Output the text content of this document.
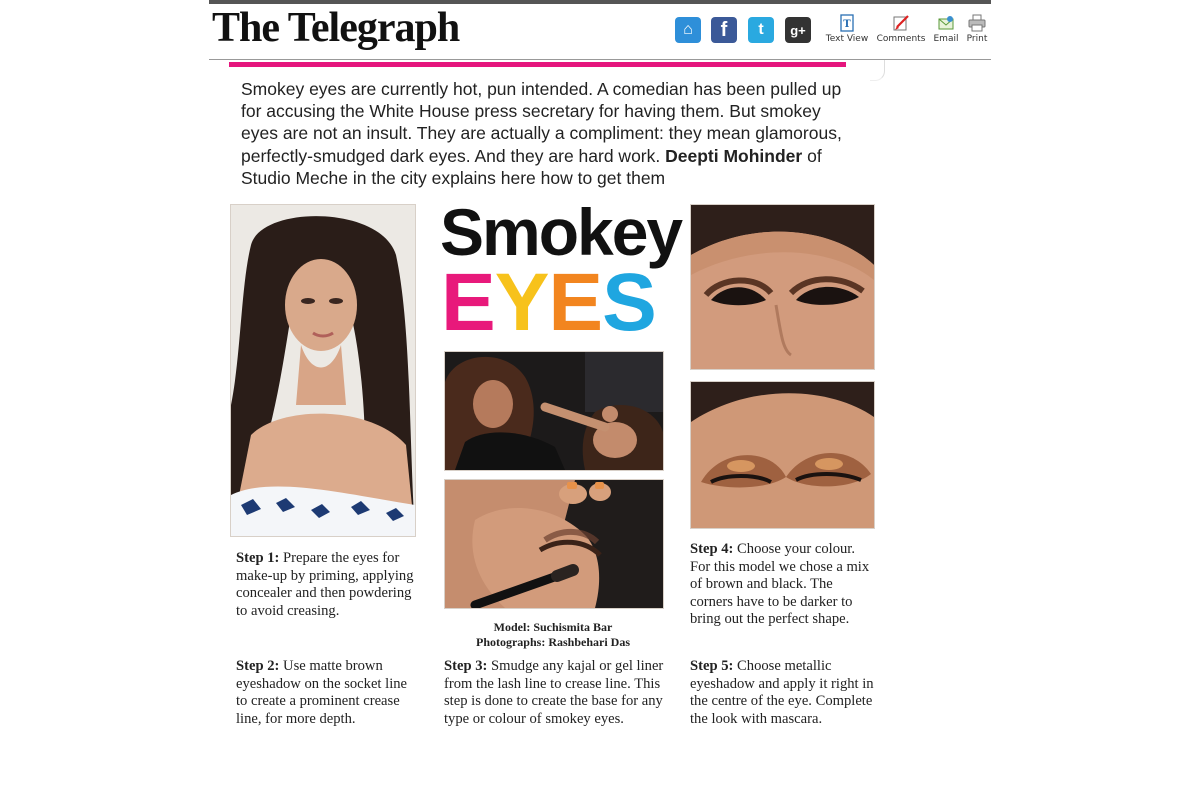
The Telegraph	⌂ f t g+	T
Text View Comments Email Print

Smokey eyes are currently hot, pun intended. A comedian has been pulled up for accusing the White House press secretary for having them. But smokey eyes are not an insult. They are actually a compliment: they mean glamorous, perfectly-smudged dark eyes. And they are hard work. Deepti Mohinder of Studio Meche in the city explains here how to get them

Smokey
EYES
Model: Suchismita Bar
Photographs: Rashbehari Das

Step 1: Prepare the eyes for make-up by priming, applying concealer and then powdering to avoid creasing.

Step 2: Use matte brown eyeshadow on the socket line to create a prominent crease line, for more depth.

Step 3: Smudge any kajal or gel liner from the lash line to crease line. This step is done to create the base for any type or colour of smokey eyes.

Step 4: Choose your colour. For this model we chose a mix of brown and black. The corners have to be darker to bring out the perfect shape.

Step 5: Choose metallic eyeshadow and apply it right in the centre of the eye. Complete the look with mascara.
